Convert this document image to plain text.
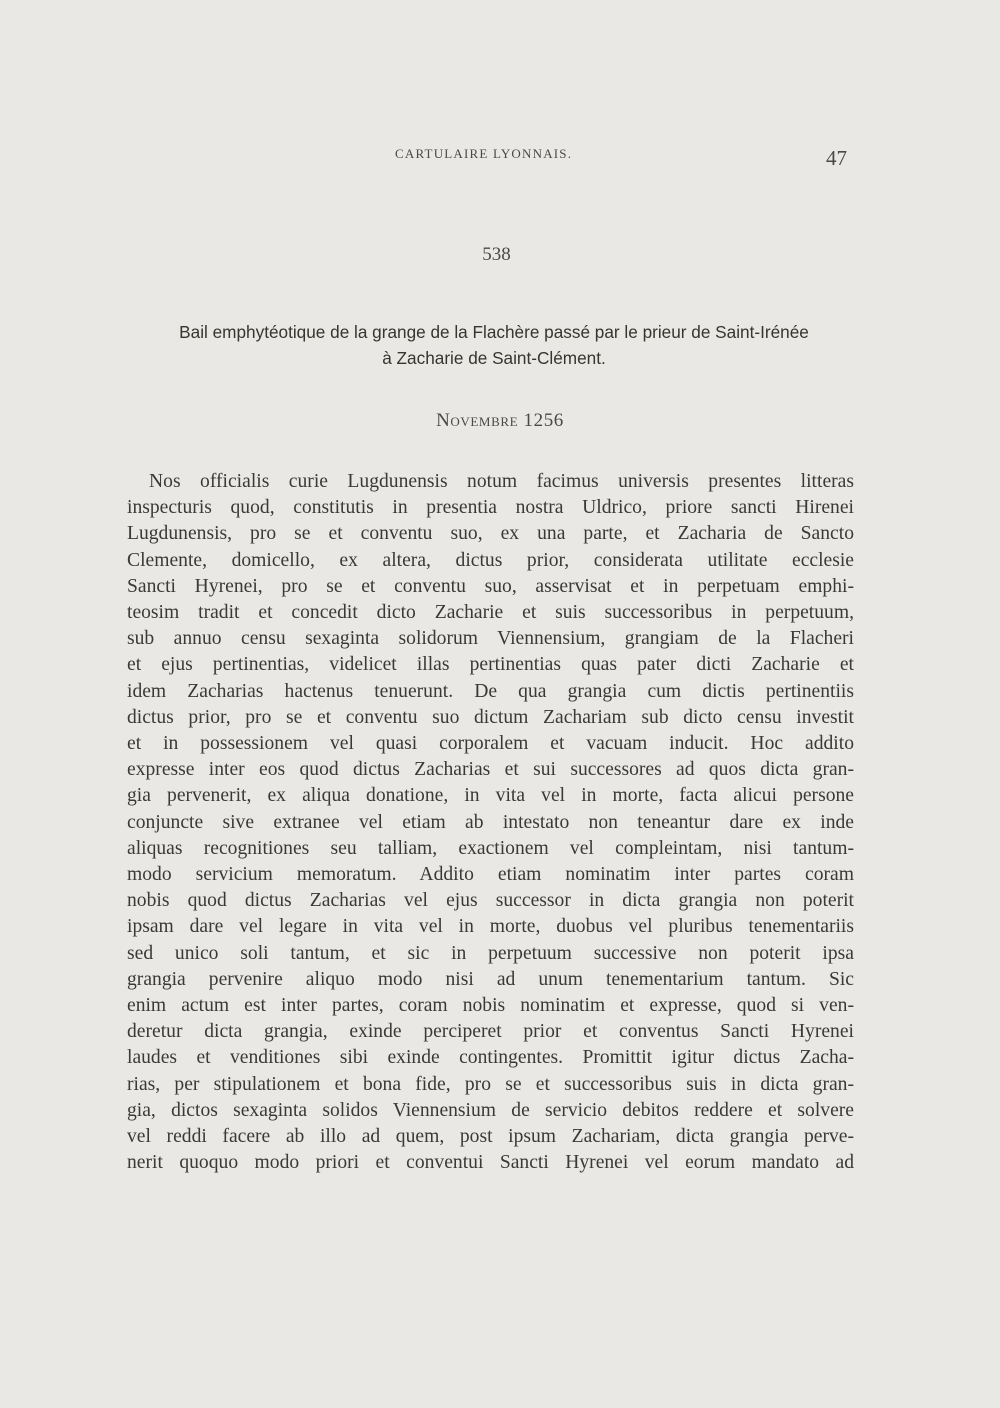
CARTULAIRE LYONNAIS.	47
538
Bail emphytéotique de la grange de la Flachère passé par le prieur de Saint-Irénée
à Zacharie de Saint-Clément.
Novembre 1256
Nos officialis curie Lugdunensis notum facimus universis presentes litteras
inspecturis quod, constitutis in presentia nostra Uldrico, priore sancti Hirenei
Lugdunensis, pro se et conventu suo, ex una parte, et Zacharia de Sancto
Clemente, domicello, ex altera, dictus prior, considerata utilitate ecclesie
Sancti Hyrenei, pro se et conventu suo, asservisat et in perpetuam emphi-
teosim tradit et concedit dicto Zacharie et suis successoribus in perpetuum,
sub annuo censu sexaginta solidorum Viennensium, grangiam de la Flacheri
et ejus pertinentias, videlicet illas pertinentias quas pater dicti Zacharie et
idem Zacharias hactenus tenuerunt. De qua grangia cum dictis pertinentiis
dictus prior, pro se et conventu suo dictum Zachariam sub dicto censu investit
et in possessionem vel quasi corporalem et vacuam inducit. Hoc addito
expresse inter eos quod dictus Zacharias et sui successores ad quos dicta gran-
gia pervenerit, ex aliqua donatione, in vita vel in morte, facta alicui persone
conjuncte sive extranee vel etiam ab intestato non teneantur dare ex inde
aliquas recognitiones seu talliam, exactionem vel compleintam, nisi tantum-
modo servicium memoratum. Addito etiam nominatim inter partes coram
nobis quod dictus Zacharias vel ejus successor in dicta grangia non poterit
ipsam dare vel legare in vita vel in morte, duobus vel pluribus tenementariis
sed unico soli tantum, et sic in perpetuum successive non poterit ipsa
grangia pervenire aliquo modo nisi ad unum tenementarium tantum. Sic
enim actum est inter partes, coram nobis nominatim et expresse, quod si ven-
deretur dicta grangia, exinde perciperet prior et conventus Sancti Hyrenei
laudes et venditiones sibi exinde contingentes. Promittit igitur dictus Zacha-
rias, per stipulationem et bona fide, pro se et successoribus suis in dicta gran-
gia, dictos sexaginta solidos Viennensium de servicio debitos reddere et solvere
vel reddi facere ab illo ad quem, post ipsum Zachariam, dicta grangia perve-
nerit quoquo modo priori et conventui Sancti Hyrenei vel eorum mandato ad
